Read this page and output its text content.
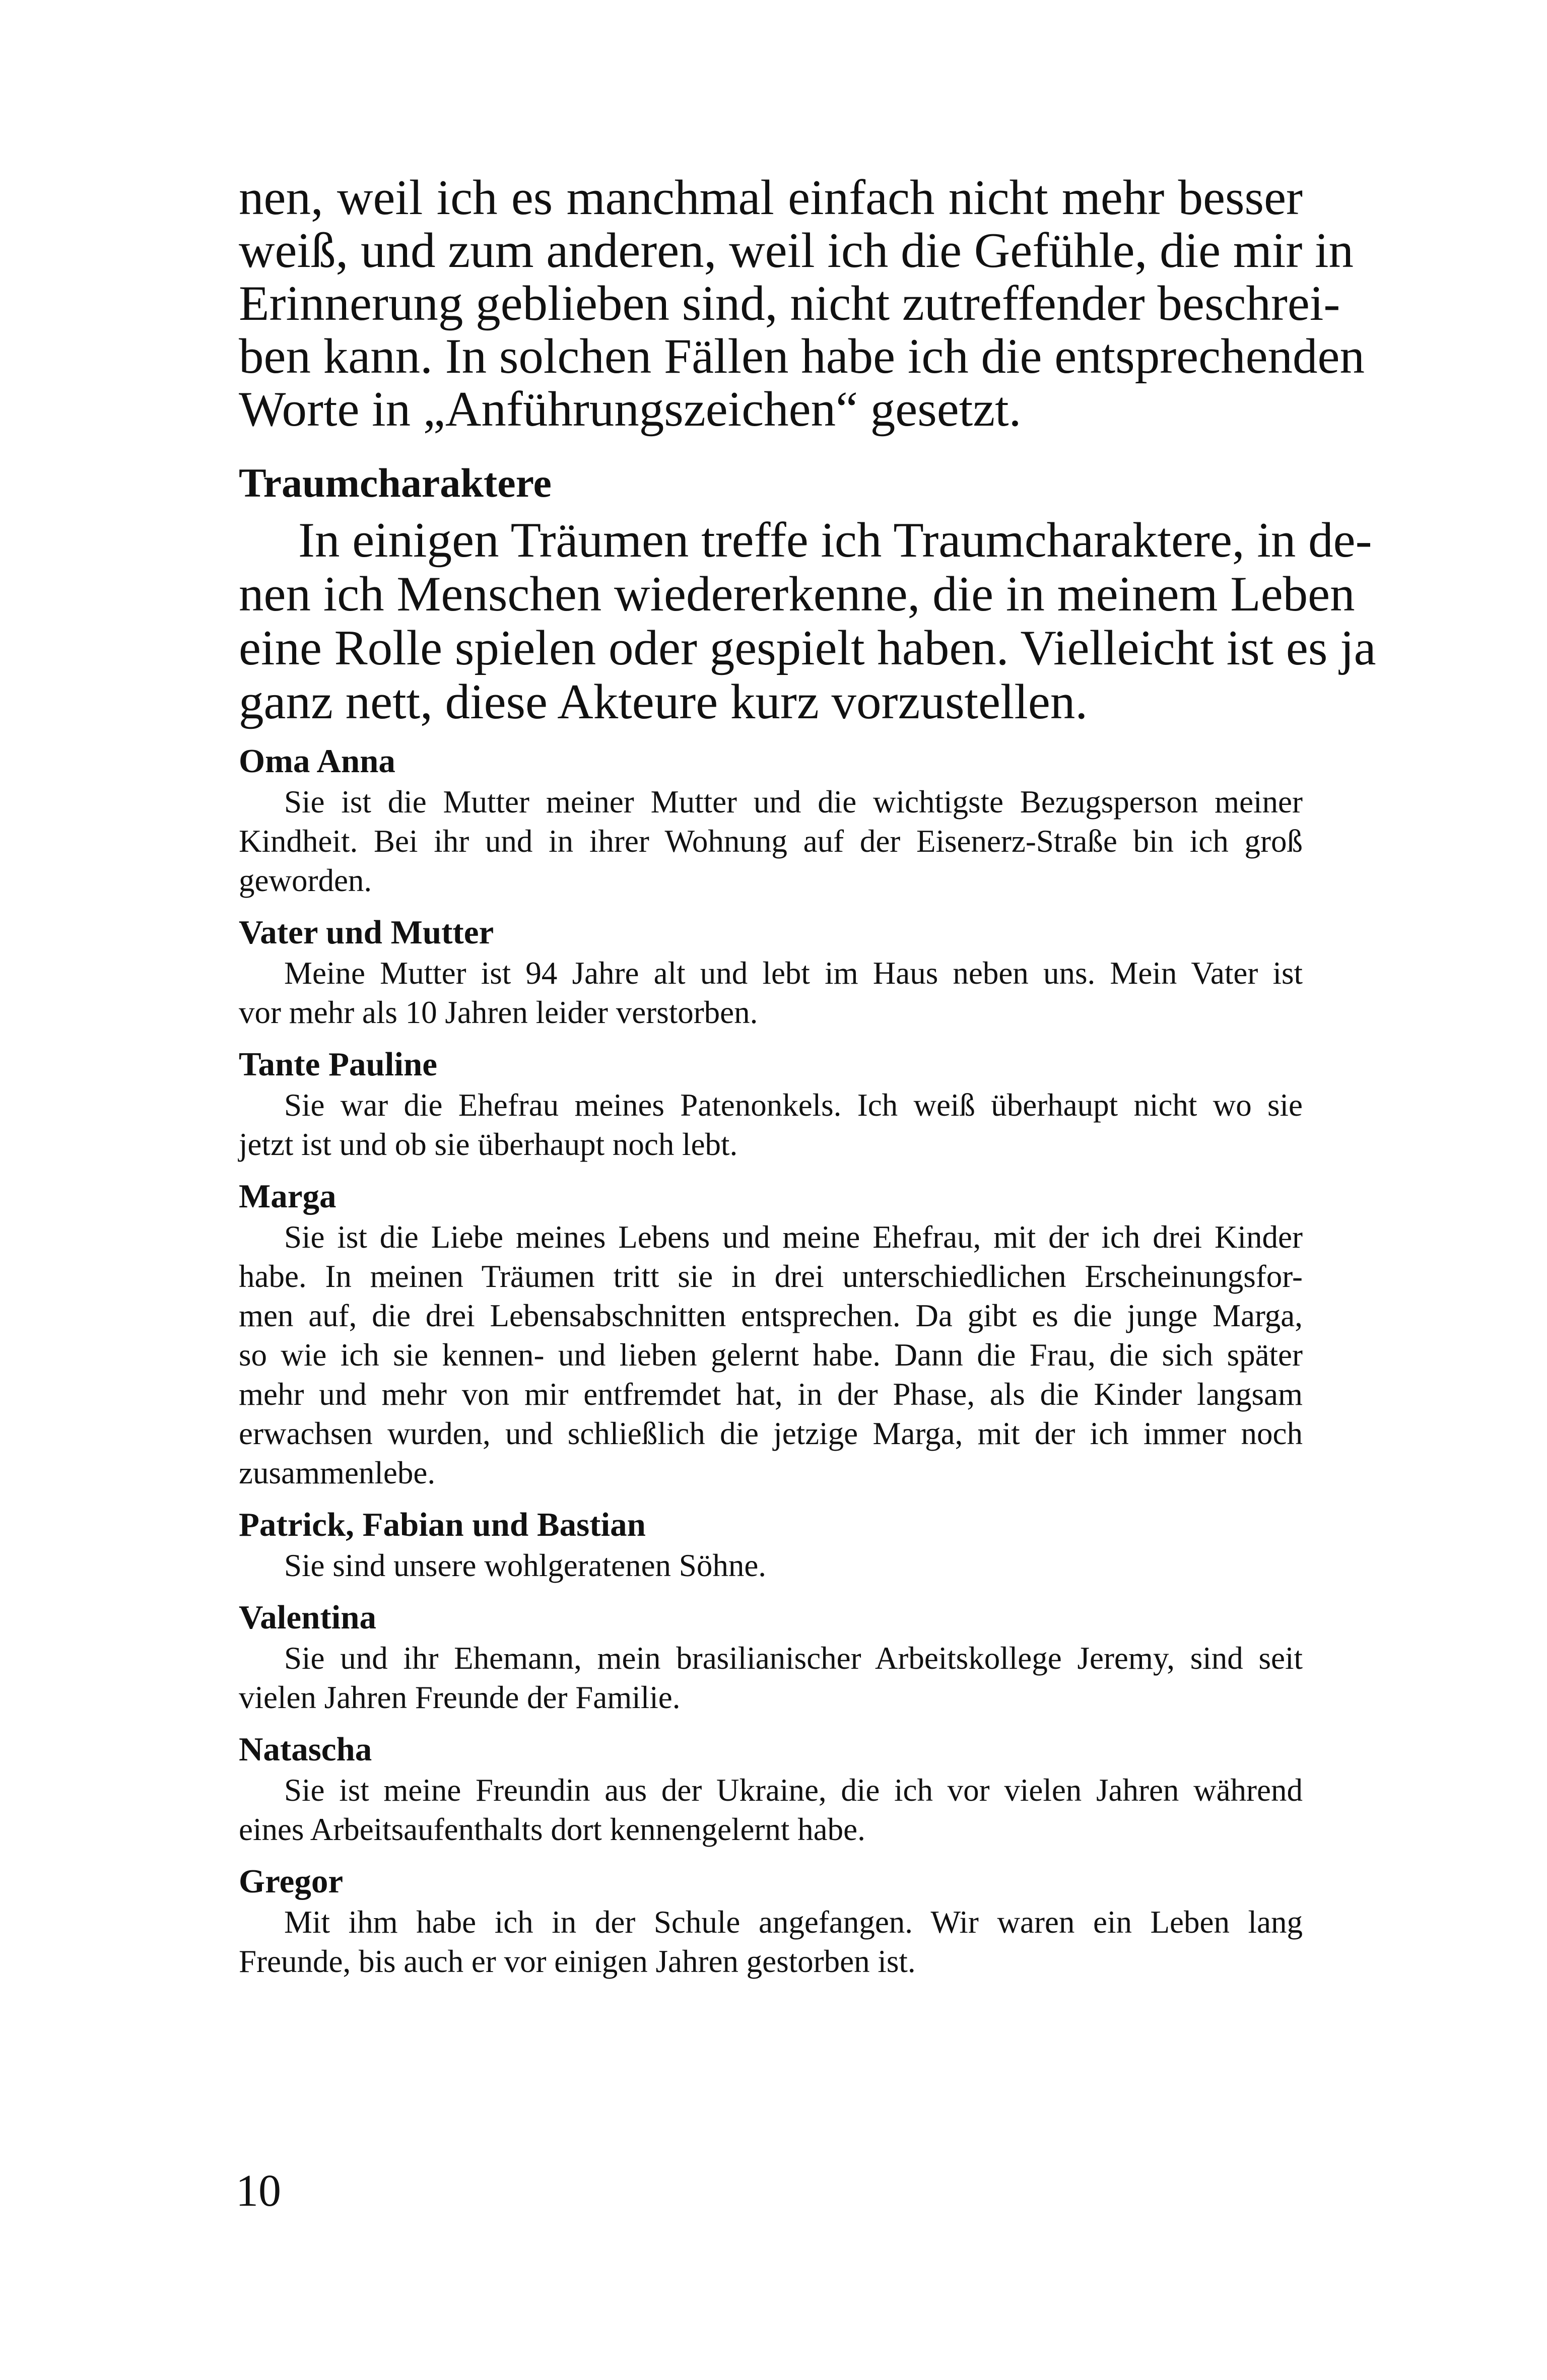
nen, weil ich es manchmal einfach nicht mehr besser
weiß, und zum anderen, weil ich die Gefühle, die mir in
Erinnerung geblieben sind, nicht zutreffender beschrei-
ben kann. In solchen Fällen habe ich die entsprechenden
Worte in „Anführungszeichen“ gesetzt.
Traumcharaktere
In einigen Träumen treffe ich Traumcharaktere, in de-
nen ich Menschen wiedererkenne, die in meinem Leben
eine Rolle spielen oder gespielt haben. Vielleicht ist es ja
ganz nett, diese Akteure kurz vorzustellen.
Oma Anna
Sie ist die Mutter meiner Mutter und die wichtigste Bezugsperson meiner
Kindheit. Bei ihr und in ihrer Wohnung auf der Eisenerz-Straße bin ich groß
geworden.
Vater und Mutter
Meine Mutter ist 94 Jahre alt und lebt im Haus neben uns. Mein Vater ist
vor mehr als 10 Jahren leider verstorben.
Tante Pauline
Sie war die Ehefrau meines Patenonkels. Ich weiß überhaupt nicht wo sie
jetzt ist und ob sie überhaupt noch lebt.
Marga
Sie ist die Liebe meines Lebens und meine Ehefrau, mit der ich drei Kinder
habe. In meinen Träumen tritt sie in drei unterschiedlichen Erscheinungsfor-
men auf, die drei Lebensabschnitten entsprechen. Da gibt es die junge Marga,
so wie ich sie kennen- und lieben gelernt habe. Dann die Frau, die sich später
mehr und mehr von mir entfremdet hat, in der Phase, als die Kinder langsam
erwachsen wurden, und schließlich die jetzige Marga, mit der ich immer noch
zusammenlebe.
Patrick, Fabian und Bastian
Sie sind unsere wohlgeratenen Söhne.
Valentina
Sie und ihr Ehemann, mein brasilianischer Arbeitskollege Jeremy, sind seit
vielen Jahren Freunde der Familie.
Natascha
Sie ist meine Freundin aus der Ukraine, die ich vor vielen Jahren während
eines Arbeitsaufenthalts dort kennengelernt habe.
Gregor
Mit ihm habe ich in der Schule angefangen. Wir waren ein Leben lang
Freunde, bis auch er vor einigen Jahren gestorben ist.
10
